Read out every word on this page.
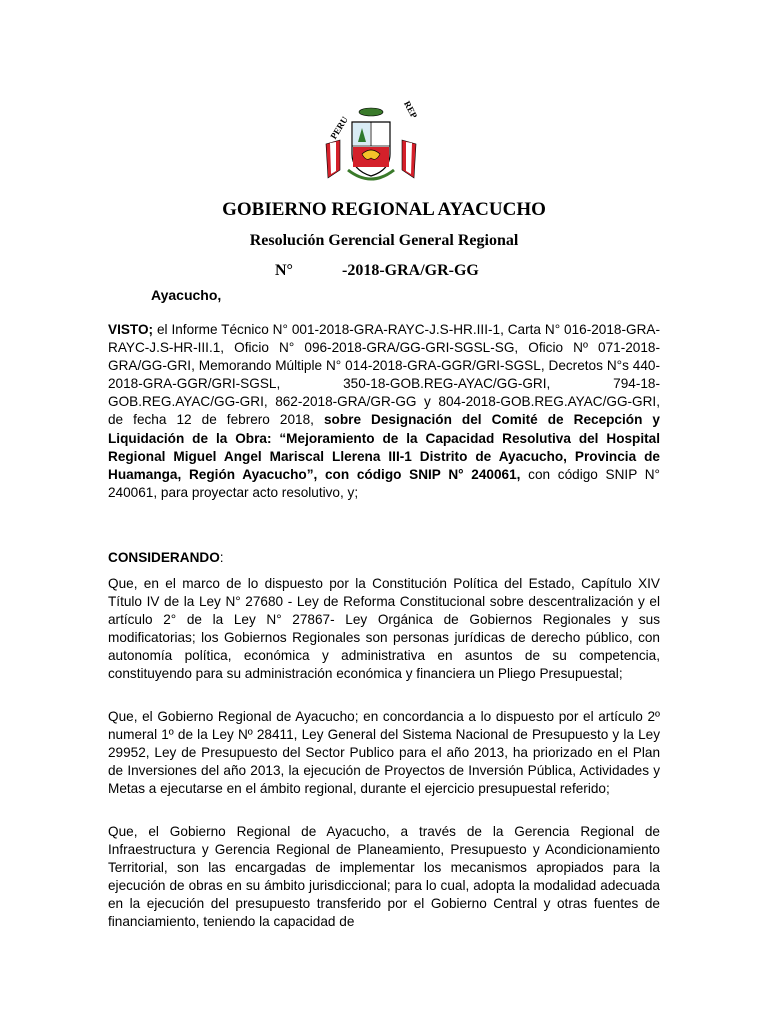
PERU
REP
GOBIERNO REGIONAL AYACUCHO
Resolución Gerencial General Regional
N°	-2018-GRA/GR-GG
Ayacucho,
VISTO; el Informe Técnico N° 001-2018-GRA-RAYC-J.S-HR.III-1, Carta N° 016-2018-GRA-RAYC-J.S-HR-III.1, Oficio N° 096-2018-GRA/GG-GRI-SGSL-SG, Oficio Nº 071-2018-GRA/GG-GRI, Memorando Múltiple N° 014-2018-GRA-GGR/GRI-SGSL, Decretos N°s 440-2018-GRA-GGR/GRI-SGSL, 350-18-GOB.REG-AYAC/GG-GRI, 794-18-GOB.REG.AYAC/GG-GRI, 862-2018-GRA/GR-GG y 804-2018-GOB.REG.AYAC/GG-GRI, de fecha 12 de febrero 2018, sobre Designación del Comité de Recepción y Liquidación de la Obra: “Mejoramiento de la Capacidad Resolutiva del Hospital Regional Miguel Angel Mariscal Llerena III-1 Distrito de Ayacucho, Provincia de Huamanga, Región Ayacucho”, con código SNIP N° 240061, con código SNIP N° 240061, para proyectar acto resolutivo, y;
CONSIDERANDO:
Que, en el marco de lo dispuesto por la Constitución Política del Estado, Capítulo XIV Título IV de la Ley N° 27680 - Ley de Reforma Constitucional sobre descentralización y el artículo 2° de la Ley N° 27867- Ley Orgánica de Gobiernos Regionales y sus modificatorias; los Gobiernos Regionales son personas jurídicas de derecho público, con autonomía política, económica y administrativa en asuntos de su competencia, constituyendo para su administración económica y financiera un Pliego Presupuestal;
Que, el Gobierno Regional de Ayacucho; en concordancia a lo dispuesto por el artículo 2º numeral 1º de la Ley Nº 28411, Ley General del Sistema Nacional de Presupuesto y la Ley 29952, Ley de Presupuesto del Sector Publico para el año 2013, ha priorizado en el Plan de Inversiones del año 2013, la ejecución de Proyectos de Inversión Pública, Actividades y Metas a ejecutarse en el ámbito regional, durante el ejercicio presupuestal referido;
Que, el Gobierno Regional de Ayacucho, a través de la Gerencia Regional de Infraestructura y Gerencia Regional de Planeamiento, Presupuesto y Acondicionamiento Territorial, son las encargadas de implementar los mecanismos apropiados para la ejecución de obras en su ámbito jurisdiccional; para lo cual, adopta la modalidad adecuada en la ejecución del presupuesto transferido por el Gobierno Central y otras fuentes de financiamiento, teniendo la capacidad de
